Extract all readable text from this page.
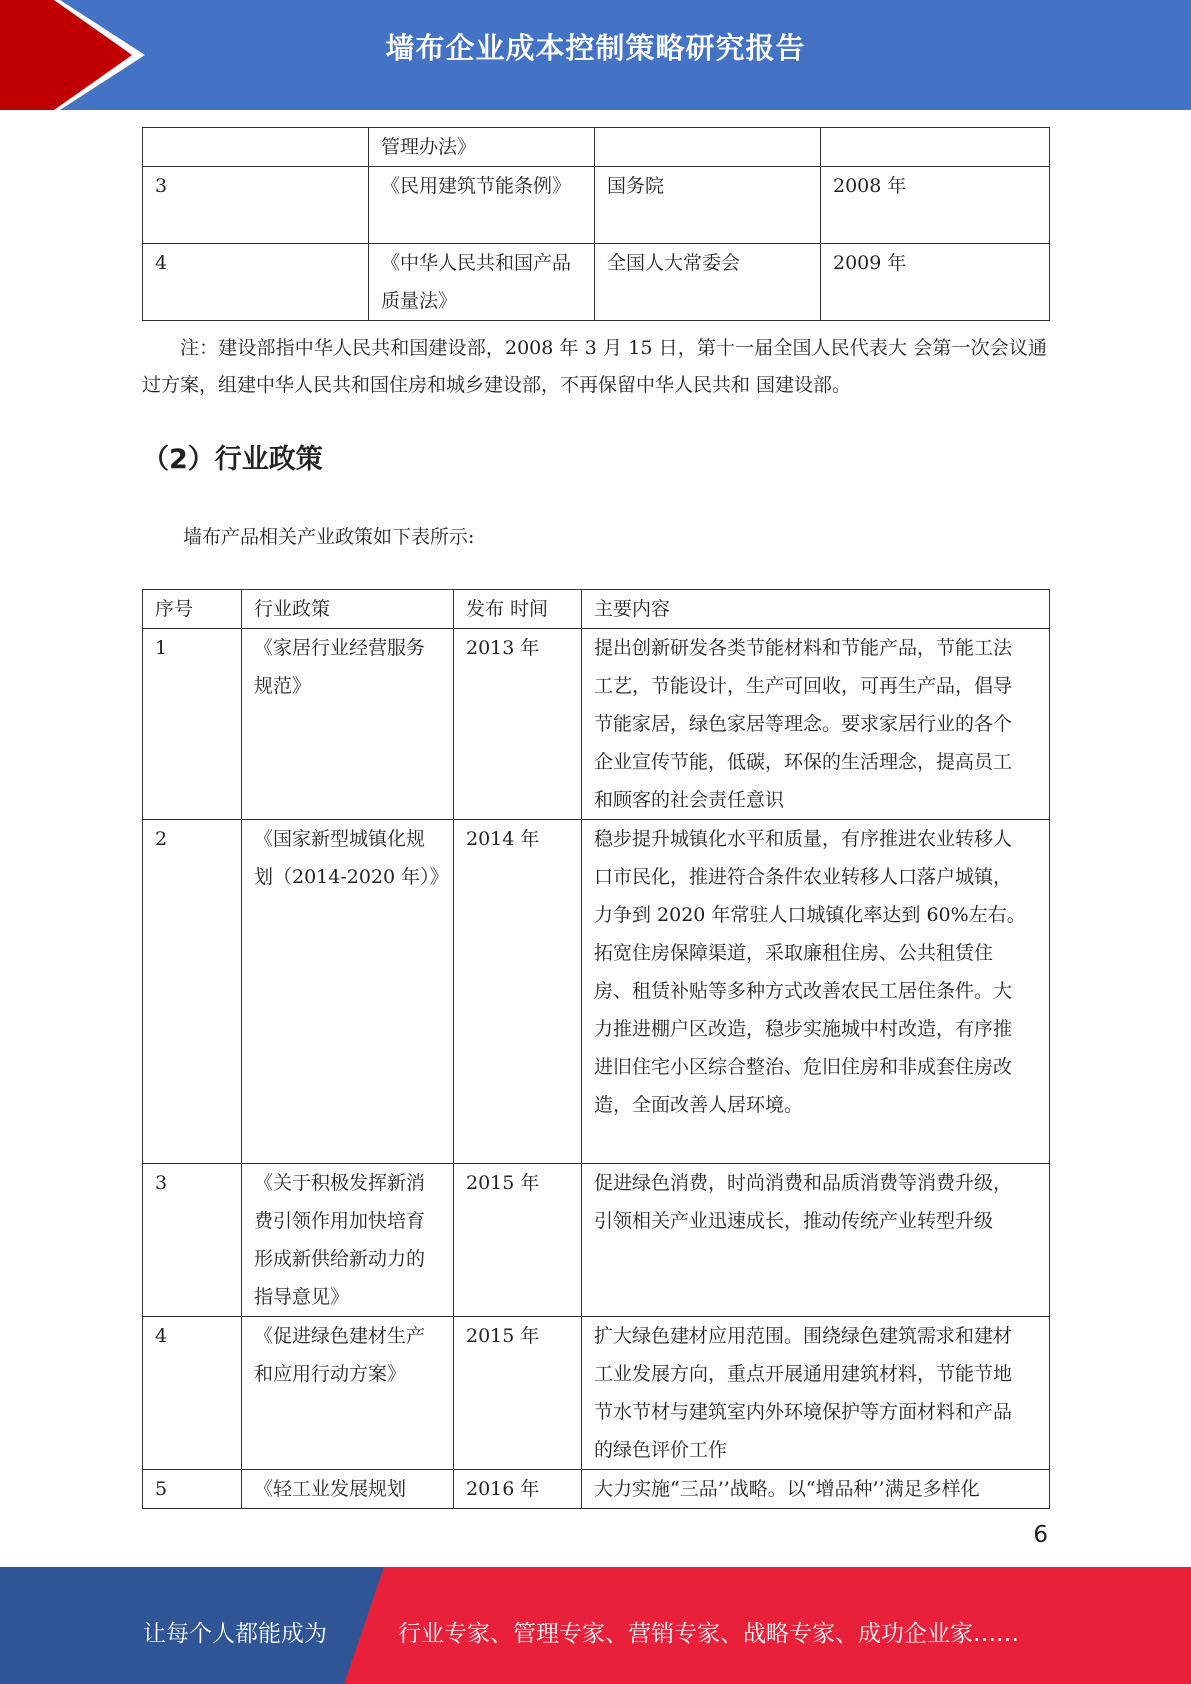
墙布企业成本控制策略研究报告
	管理办法》		
3	《民用建筑节能条例》	国务院	2008 年
4	《中华人民共和国产品质量法》	全国人大常委会	2009 年
注：建设部指中华人民共和国建设部，2008 年 3 月 15 日，第十一届全国人民代表大 会第一次会议通过方案，组建中华人民共和国住房和城乡建设部，不再保留中华人民共和 国建设部。
（2）行业政策
墙布产品相关产业政策如下表所示:
序号	行业政策	发布 时间	主要内容
1	《家居行业经营服务规范》	2013 年	提出创新研发各类节能材料和节能产品，节能工法 工艺，节能设计，生产可回收，可再生产品，倡导 节能家居，绿色家居等理念。要求家居行业的各个 企业宣传节能，低碳，环保的生活理念，提高员工 和顾客的社会责任意识
2	《国家新型城镇化规划（2014-2020 年）》	2014 年	稳步提升城镇化水平和质量，有序推进农业转移人 口市民化，推进符合条件农业转移人口落户城镇， 力争到 2020 年常驻人口城镇化率达到 60%左右。 拓宽住房保障渠道，采取廉租住房、公共租赁住 房、租赁补贴等多种方式改善农民工居住条件。大 力推进棚户区改造，稳步实施城中村改造，有序推 进旧住宅小区综合整治、危旧住房和非成套住房改 造，全面改善人居环境。
3	《关于积极发挥新消费引领作用加快培育形成新供给新动力的指导意见》	2015 年	促进绿色消费，时尚消费和品质消费等消费升级， 引领相关产业迅速成长，推动传统产业转型升级
4	《促进绿色建材生产和应用行动方案》	2015 年	扩大绿色建材应用范围。围绕绿色建筑需求和建材 工业发展方向，重点开展通用建筑材料，节能节地 节水节材与建筑室内外环境保护等方面材料和产品 的绿色评价工作
5	《轻工业发展规划	2016 年	大力实施“三品’’战略。以“增品种’’满足多样化
6
让每个人都能成为	行业专家、管理专家、营销专家、战略专家、成功企业家……
